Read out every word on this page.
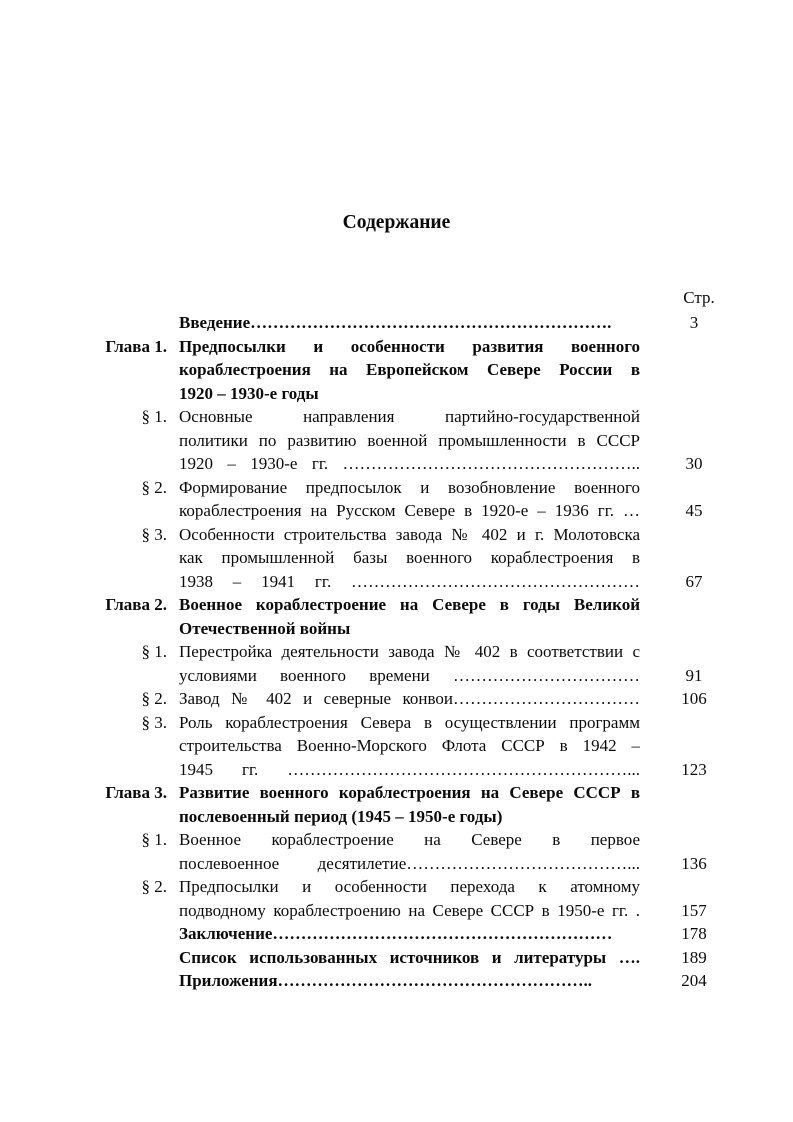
Содержание
Стр.
Введение……………………………………………………….	3
Глава 1. Предпосылки и особенности развития военного
кораблестроения на Европейском Севере России в
1920 – 1930-е годы
§ 1. Основные направления партийно-государственной
политики по развитию военной промышленности в СССР
1920 – 1930-е гг. ……………………………………………..	30
§ 2. Формирование предпосылок и возобновление военного
кораблестроения на Русском Севере в 1920-е – 1936 гг. …	45
§ 3. Особенности строительства завода № 402 и г. Молотовска
как промышленной базы военного кораблестроения в
1938 – 1941 гг. ……………………………………………	67
Глава 2. Военное кораблестроение на Севере в годы Великой
Отечественной войны
§ 1. Перестройка деятельности завода № 402 в соответствии с
условиями военного времени ……………………………	91
§ 2. Завод № 402 и северные конвои……………………………	106
§ 3. Роль кораблестроения Севера в осуществлении программ
строительства Военно-Морского Флота СССР в 1942 –
1945 гг. ……………………………………………………...	123
Глава 3. Развитие военного кораблестроения на Севере СССР в
послевоенный период (1945 – 1950-е годы)
§ 1. Военное кораблестроение на Севере в первое
послевоенное десятилетие…………………………………...	136
§ 2. Предпосылки и особенности перехода к атомному
подводному кораблестроению на Севере СССР в 1950-е гг. .	157
Заключение……………………………………………………	178
Список использованных источников и литературы ….	189
Приложения………………………………………………..	204
